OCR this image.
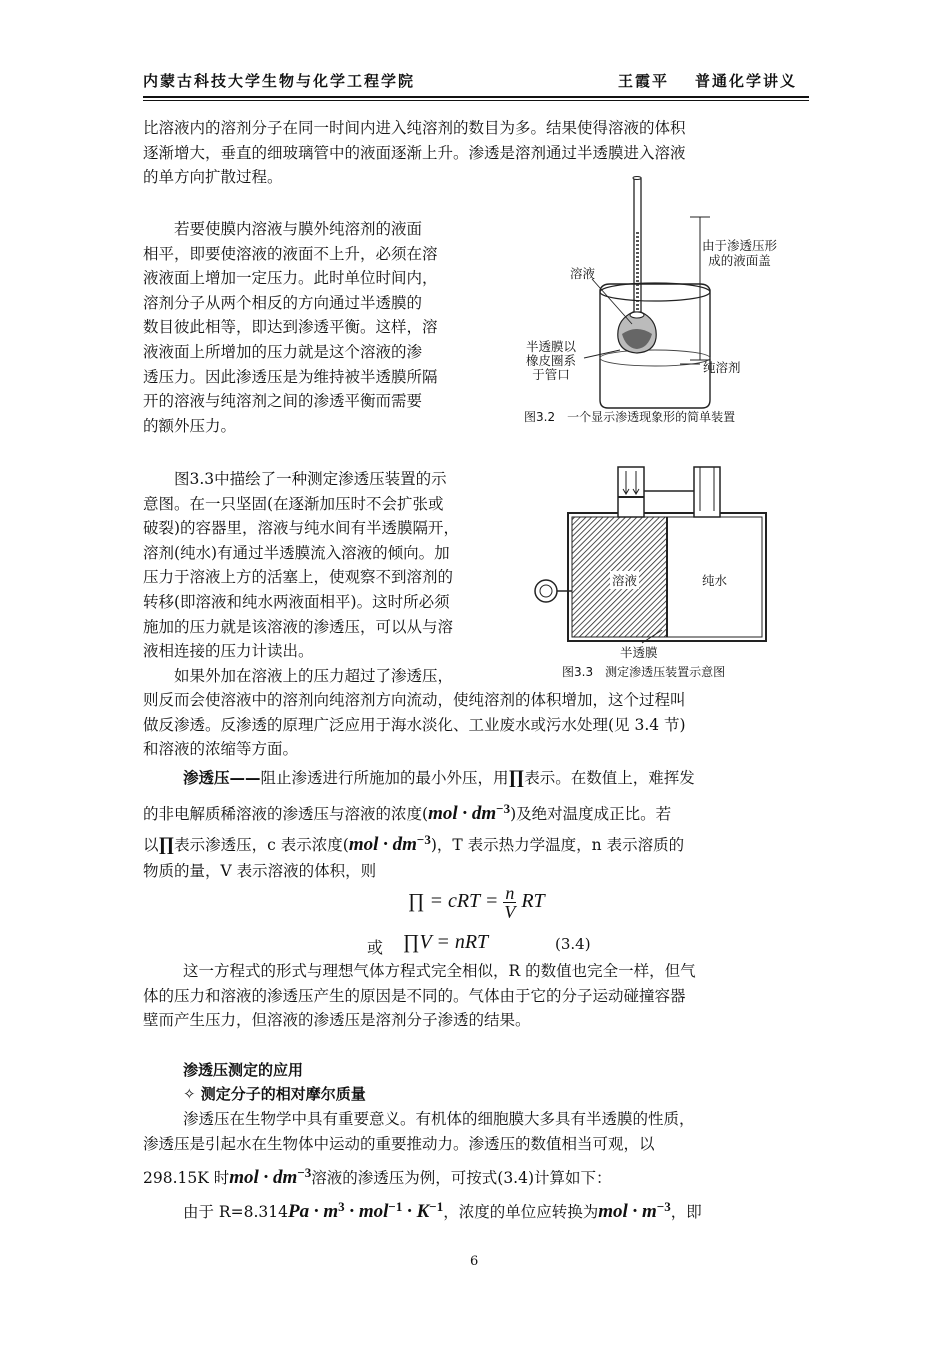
内蒙古科技大学生物与化学工程学院	王霞平 普通化学讲义
比溶液内的溶剂分子在同一时间内进入纯溶剂的数目为多。结果使得溶液的体积
逐渐增大，垂直的细玻璃管中的液面逐渐上升。渗透是溶剂通过半透膜进入溶液
的单方向扩散过程。
若要使膜内溶液与膜外纯溶剂的液面
相平，即要使溶液的液面不上升，必须在溶
液液面上增加一定压力。此时单位时间内，
溶剂分子从两个相反的方向通过半透膜的
数目彼此相等，即达到渗透平衡。这样，溶
液液面上所增加的压力就是这个溶液的渗
透压力。因此渗透压是为维持被半透膜所隔
开的溶液与纯溶剂之间的渗透平衡而需要
的额外压力。
由于渗透压形
成的液面盖
溶液
半透膜以
橡皮圈系
于管口	纯溶剂
图3.2　一个显示渗透现象形的简单装置
图3.3中描绘了一种测定渗透压装置的示
意图。在一只坚固(在逐渐加压时不会扩张或
破裂)的容器里，溶液与纯水间有半透膜隔开，
溶剂(纯水)有通过半透膜流入溶液的倾向。加
压力于溶液上方的活塞上，使观察不到溶剂的
转移(即溶液和纯水两液面相平)。这时所必须
施加的压力就是该溶液的渗透压，可以从与溶
液相连接的压力计读出。
如果外加在溶液上的压力超过了渗透压，
溶液	纯水
半透膜
图3.3　测定渗透压装置示意图
则反而会使溶液中的溶剂向纯溶剂方向流动，使纯溶剂的体积增加，这个过程叫
做反渗透。反渗透的原理广泛应用于海水淡化、工业废水或污水处理(见 3.4 节)
和溶液的浓缩等方面。
渗透压——阻止渗透进行所施加的最小外压，用∏表示。在数值上，难挥发
的非电解质稀溶液的渗透压与溶液的浓度$(mol \cdot dm^{-3})$及绝对温度成正比。若
以∏表示渗透压，c 表示浓度$(mol \cdot dm^{-3})$，T 表示热力学温度，n 表示溶质的
物质的量，V 表示溶液的体积，则
∏ = cRT = $\frac{n}{V}$ RT
或 ∏V = nRT	(3.4)
这一方程式的形式与理想气体方程式完全相似，R 的数值也完全一样，但气
体的压力和溶液的渗透压产生的原因是不同的。气体由于它的分子运动碰撞容器
壁而产生压力，但溶液的渗透压是溶剂分子渗透的结果。
渗透压测定的应用
✧ 测定分子的相对摩尔质量
渗透压在生物学中具有重要意义。有机体的细胞膜大多具有半透膜的性质，
渗透压是引起水在生物体中运动的重要推动力。渗透压的数值相当可观，以
298.15K 时mol · $dm^{-3}$溶液的渗透压为例，可按式(3.4)计算如下：
由于 $R=8.314Pa \cdot m^3 \cdot mol^{-1} \cdot K^{-1}$，浓度的单位应转换为mol · $m^{-3}$，即
6
